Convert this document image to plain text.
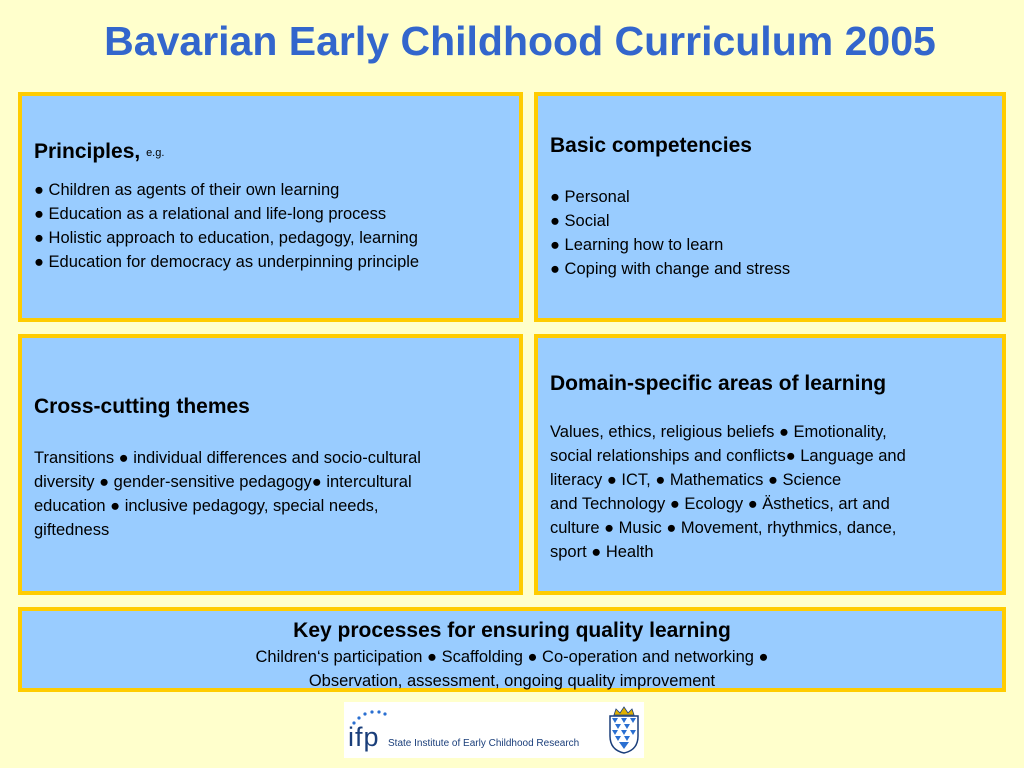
Bavarian Early Childhood Curriculum 2005
Principles, e.g.
● Children as agents of their own learning
● Education as a relational and life-long process
● Holistic approach to education, pedagogy, learning
● Education for democracy as underpinning principle
Basic competencies
● Personal
● Social
● Learning how to learn
● Coping with change and stress
Cross-cutting themes
Transitions ● individual differences and socio-cultural
diversity ● gender-sensitive pedagogy● intercultural
education ● inclusive pedagogy, special needs,
giftedness
Domain-specific areas of learning
Values, ethics, religious beliefs ● Emotionality,
social relationships and conflicts● Language and
literacy ● ICT, ● Mathematics ● Science
and Technology ● Ecology ● Ästhetics, art and
culture ● Music ● Movement, rhythmics, dance,
sport ● Health
Key processes for ensuring quality learning
Children‘s participation ● Scaffolding ● Co-operation and networking ●
Observation, assessment, ongoing quality improvement
ifp State Institute of Early Childhood Research
